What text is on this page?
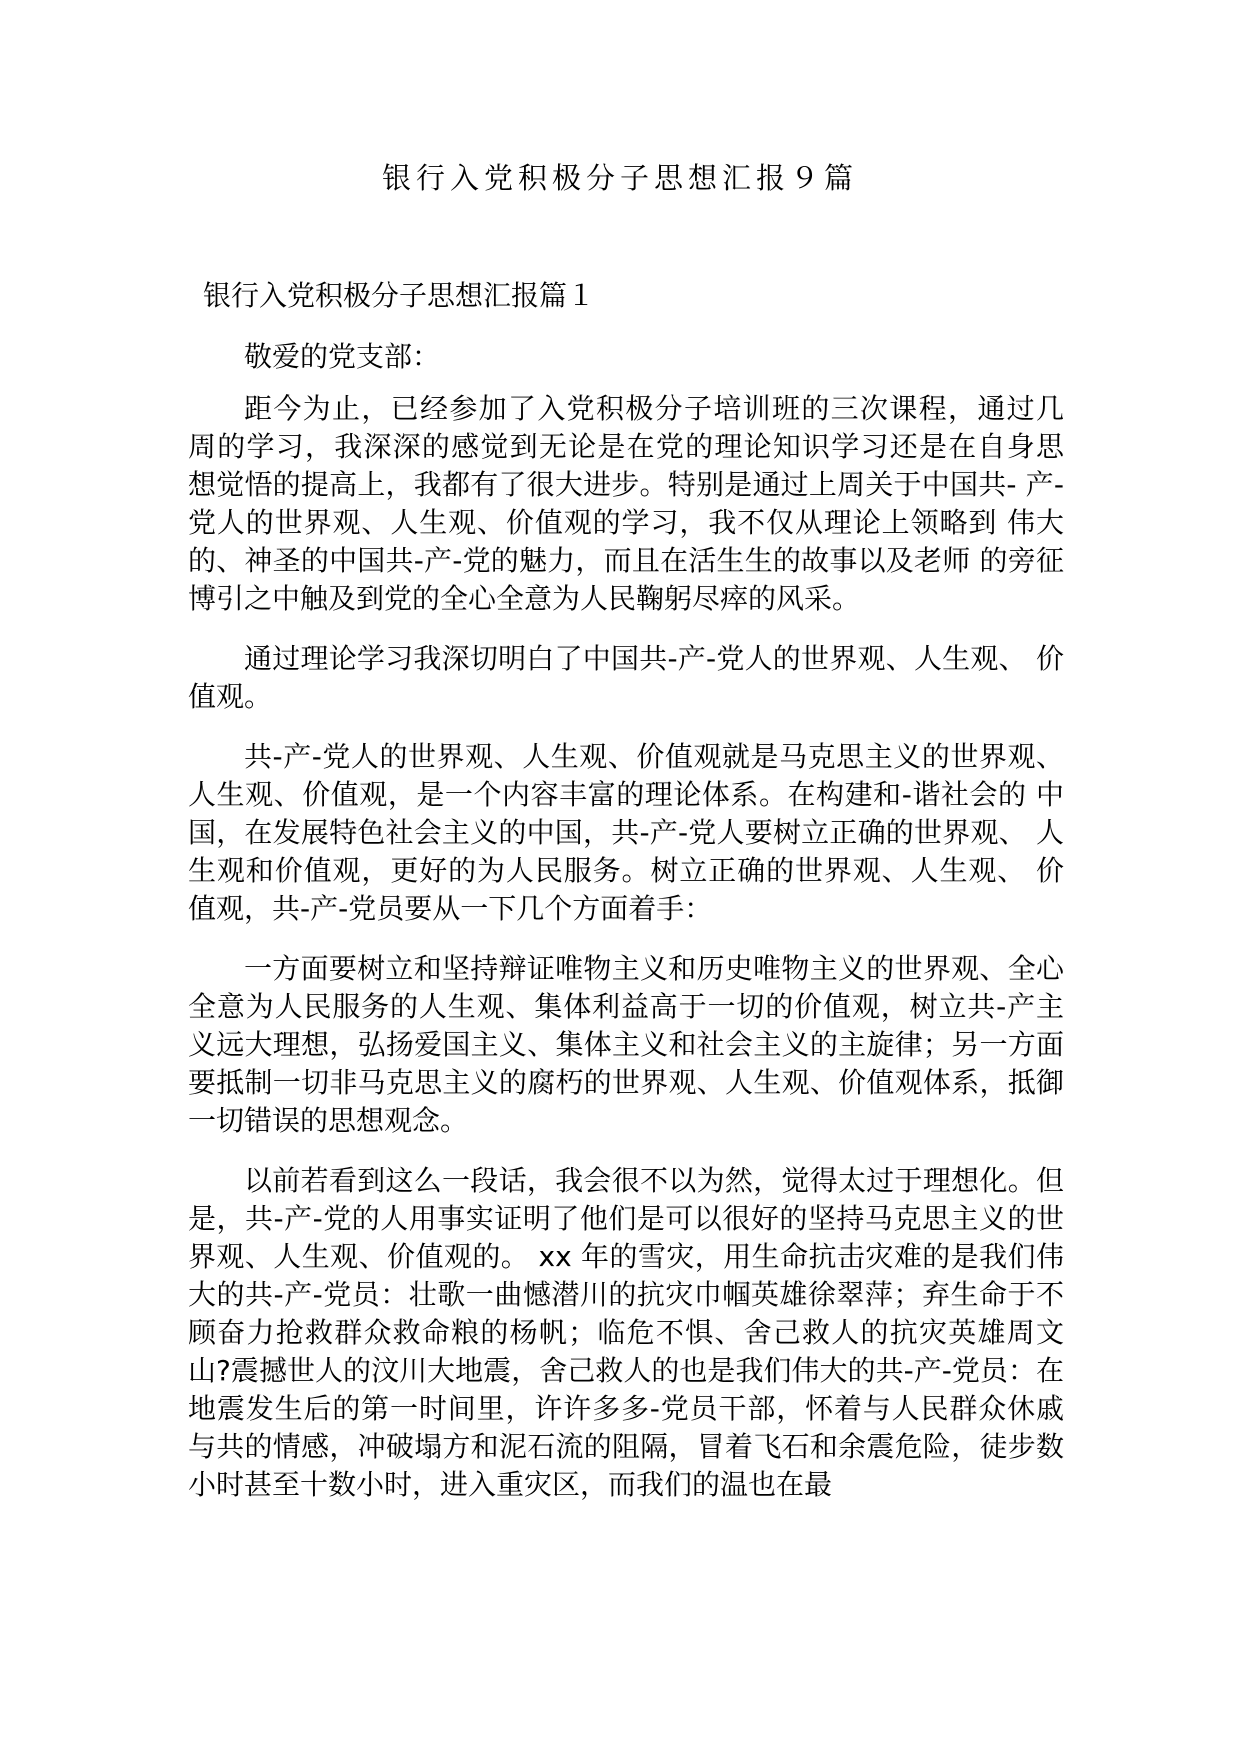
银行入党积极分子思想汇报９篇
银行入党积极分子思想汇报篇１

敬爱的党支部：

距今为止，已经参加了入党积极分子培训班的三次课程，通过几 周的学习，我深深的感觉到无论是在党的理论知识学习还是在自身思 想觉悟的提高上，我都有了很大进步。特别是通过上周关于中国共- 产-党人的世界观、人生观、价值观的学习，我不仅从理论上领略到 伟大的、神圣的中国共-产-党的魅力，而且在活生生的故事以及老师 的旁征博引之中触及到党的全心全意为人民鞠躬尽瘁的风采。

通过理论学习我深切明白了中国共-产-党人的世界观、人生观、 价值观。

共-产-党人的世界观、人生观、价值观就是马克思主义的世界观、 人生观、价值观，是一个内容丰富的理论体系。在构建和-谐社会的 中国，在发展特色社会主义的中国，共-产-党人要树立正确的世界观、 人生观和价值观，更好的为人民服务。树立正确的世界观、人生观、 价值观，共-产-党员要从一下几个方面着手：

一方面要树立和坚持辩证唯物主义和历史唯物主义的世界观、全心全意为人民服务的人生观、集体利益高于一切的价值观，树立共-产主义远大理想，弘扬爱国主义、集体主义和社会主义的主旋律；另一方面要抵制一切非马克思主义的腐朽的世界观、人生观、价值观体系，抵御一切错误的思想观念。

以前若看到这么一段话，我会很不以为然，觉得太过于理想化。但是，共-产-党的人用事实证明了他们是可以很好的坚持马克思主义的世界观、人生观、价值观的。 xx 年的雪灾，用生命抗击灾难的是我们伟大的共-产-党员：壮歌一曲憾潜川的抗灾巾帼英雄徐翠萍；弃生命于不顾奋力抢救群众救命粮的杨帆；临危不惧、舍己救人的抗灾英雄周文山?震撼世人的汶川大地震，舍己救人的也是我们伟大的共-产-党员：在地震发生后的第一时间里，许许多多-党员干部，怀着与人民群众休戚与共的情感，冲破塌方和泥石流的阻隔，冒着飞石和余震危险，徒步数小时甚至十数小时，进入重灾区，而我们的温也在最
